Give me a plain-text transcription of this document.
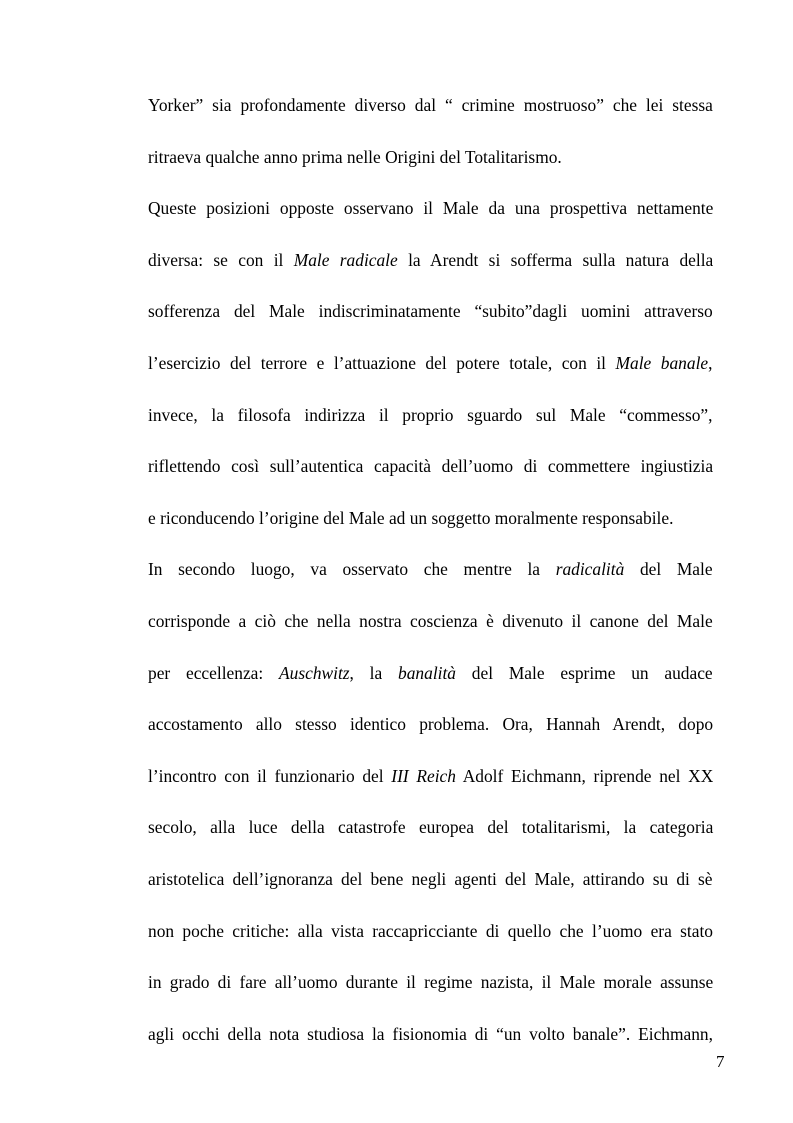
Yorker” sia profondamente diverso dal “ crimine mostruoso” che lei stessa
ritraeva qualche anno prima nelle Origini del Totalitarismo.
Queste posizioni opposte osservano il Male da una prospettiva nettamente
diversa: se con il Male radicale la Arendt si sofferma sulla natura della
sofferenza del Male indiscriminatamente “subito”dagli uomini attraverso
l’esercizio del terrore e l’attuazione del potere totale, con il Male banale,
invece, la filosofa indirizza il proprio sguardo sul Male “commesso”,
riflettendo così sull’autentica capacità dell’uomo di commettere ingiustizia
e riconducendo l’origine del Male ad un soggetto moralmente responsabile.
In secondo luogo, va osservato che mentre la radicalità del Male
corrisponde a ciò che nella nostra coscienza è divenuto il canone del Male
per eccellenza: Auschwitz, la banalità del Male esprime un audace
accostamento allo stesso identico problema. Ora, Hannah Arendt, dopo
l’incontro con il funzionario del III Reich Adolf Eichmann, riprende nel XX
secolo, alla luce della catastrofe europea del totalitarismi, la categoria
aristotelica dell’ignoranza del bene negli agenti del Male, attirando su di sè
non poche critiche: alla vista raccapricciante di quello che l’uomo era stato
in grado di fare all’uomo durante il regime nazista, il Male morale assunse
agli occhi della nota studiosa la fisionomia di “un volto banale”. Eichmann,
7
